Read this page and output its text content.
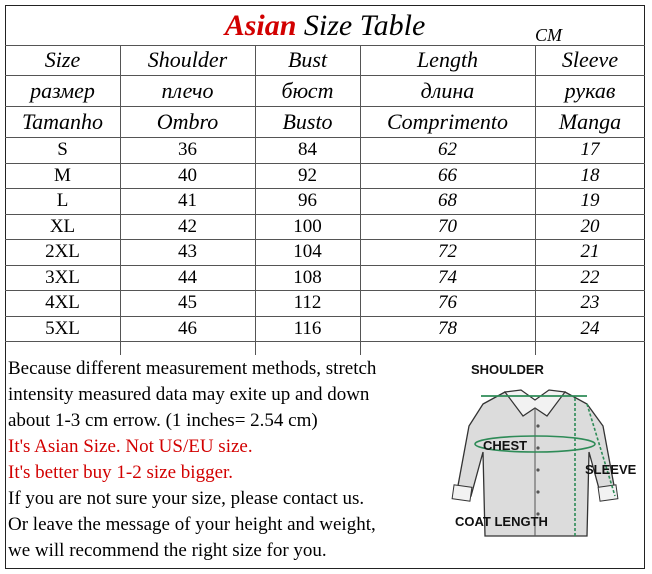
Asian Size Table	CM
Size	Shoulder	Bust	Length	Sleeve
размер	плечо	бюст	длина	рукав
Tamanho	Ombro	Busto	Comprimento	Manga
S	36	84	62	17
M	40	92	66	18
L	41	96	68	19
XL	42	100	70	20
2XL	43	104	72	21
3XL	44	108	74	22
4XL	45	112	76	23
5XL	46	116	78	24
Because different measurement methods, stretch
intensity measured data may exite up and down
about 1-3 cm errow. (1 inches= 2.54 cm)
It's Asian Size. Not US/EU size.
It's better buy 1-2 size bigger.
If you are not sure your size, please contact us.
Or leave the message of your height and weight,
we will recommend the right size for you.
SHOULDER
CHEST
SLEEVE
COAT LENGTH
